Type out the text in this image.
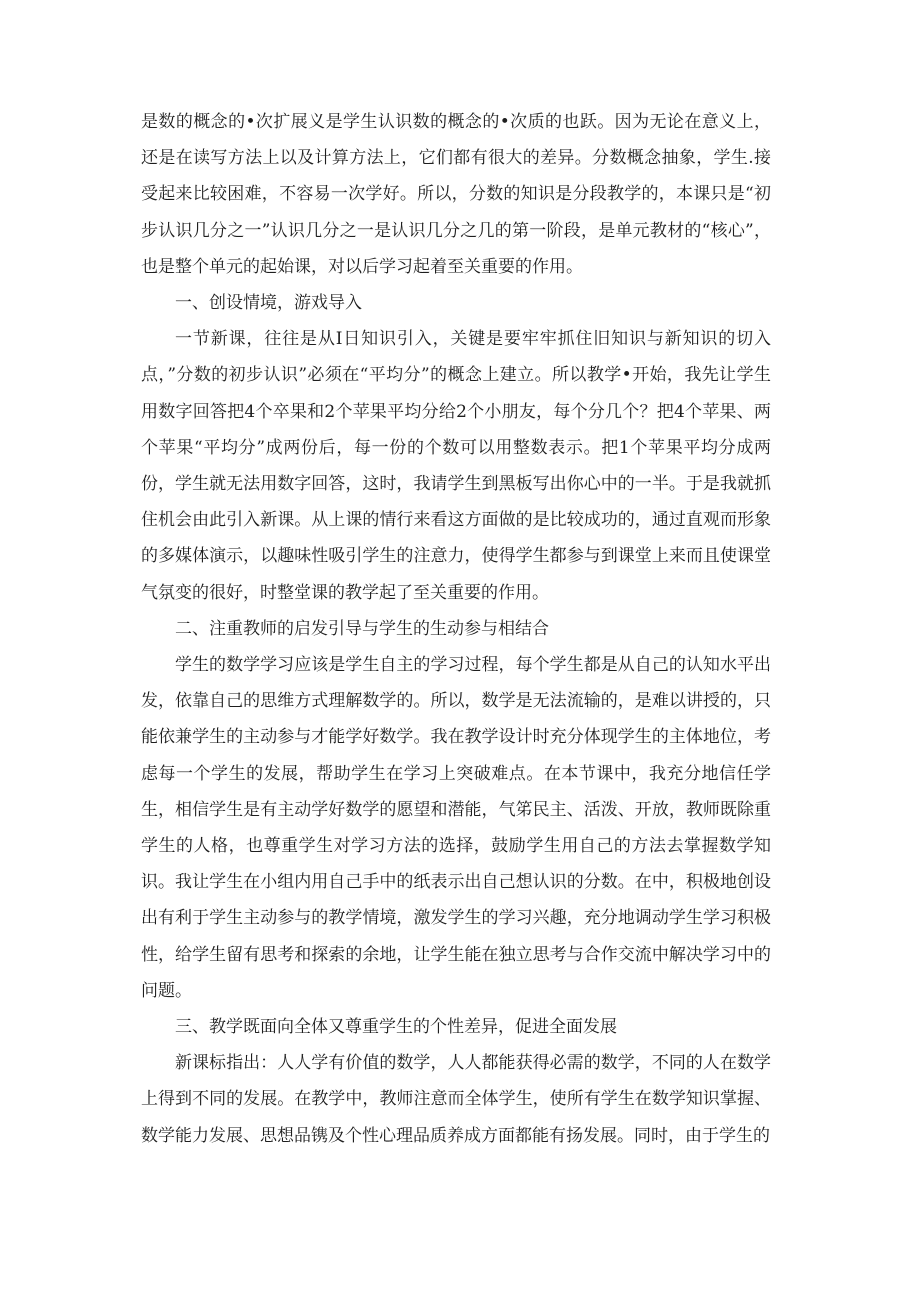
是数的概念的•次扩展义是学生认识数的概念的•次质的也跃。因为无论在意义上，还是在读写方法上以及计算方法上，它们都有很大的差异。分数概念抽象，学生.接受起来比较困难，不容易一次学好。所以，分数的知识是分段教学的，本课只是“初步认识几分之一”认识几分之一是认识几分之几的第一阶段，是单元教材的“核心”，也是整个单元的起始课，对以后学习起着至关重要的作用。

一、创设情境，游戏导入

一节新课，往往是从Ⅰ日知识引入，关键是要牢牢抓住旧知识与新知识的切入点，”分数的初步认识”必须在“平均分”的概念上建立。所以教学•开始，我先让学生用数字回答把4个卒果和2个苹果平均分给2个小朋友，每个分几个？把4个苹果、两个苹果“平均分”成两份后，每一份的个数可以用整数表示。把1个苹果平均分成两份，学生就无法用数字回答，这时，我请学生到黑板写出你心中的一半。于是我就抓住机会由此引入新课。从上课的情行来看这方面做的是比较成功的，通过直观而形象的多媒体演示，以趣味性吸引学生的注意力，使得学生都参与到课堂上来而且使课堂气氛变的很好，时整堂课的教学起了至关重要的作用。

二、注重教师的启发引导与学生的生动参与相结合

学生的数学学习应该是学生自主的学习过程，每个学生都是从自己的认知水平出发，依靠自己的思维方式理解数学的。所以，数学是无法流输的，是难以讲授的，只能依兼学生的主动参与才能学好数学。我在教学设计时充分体现学生的主体地位，考虑每一个学生的发展，帮助学生在学习上突破难点。在本节课中，我充分地信任学生，相信学生是有主动学好数学的愿望和潜能，气笫民主、活泼、开放，教师既除重学生的人格，也尊重学生对学习方法的选择，鼓励学生用自己的方法去掌握数学知识。我让学生在小组内用自己手中的纸表示出自己想认识的分数。在中，积极地创设出有利于学生主动参与的教学情境，激发学生的学习兴趣，充分地调动学生学习积极性，给学生留有思考和探索的余地，让学生能在独立思考与合作交流中解决学习中的问题。

三、教学既面向全体又尊重学生的个性差异，促进全面发展

新课标指出：人人学有价值的数学，人人都能获得必需的数学，不同的人在数学上得到不同的发展。在教学中，教师注意而全体学生，使所有学生在数学知识掌握、数学能力发展、思想品镌及个性心理品质养成方面都能有扬发展。同时，由于学生的
